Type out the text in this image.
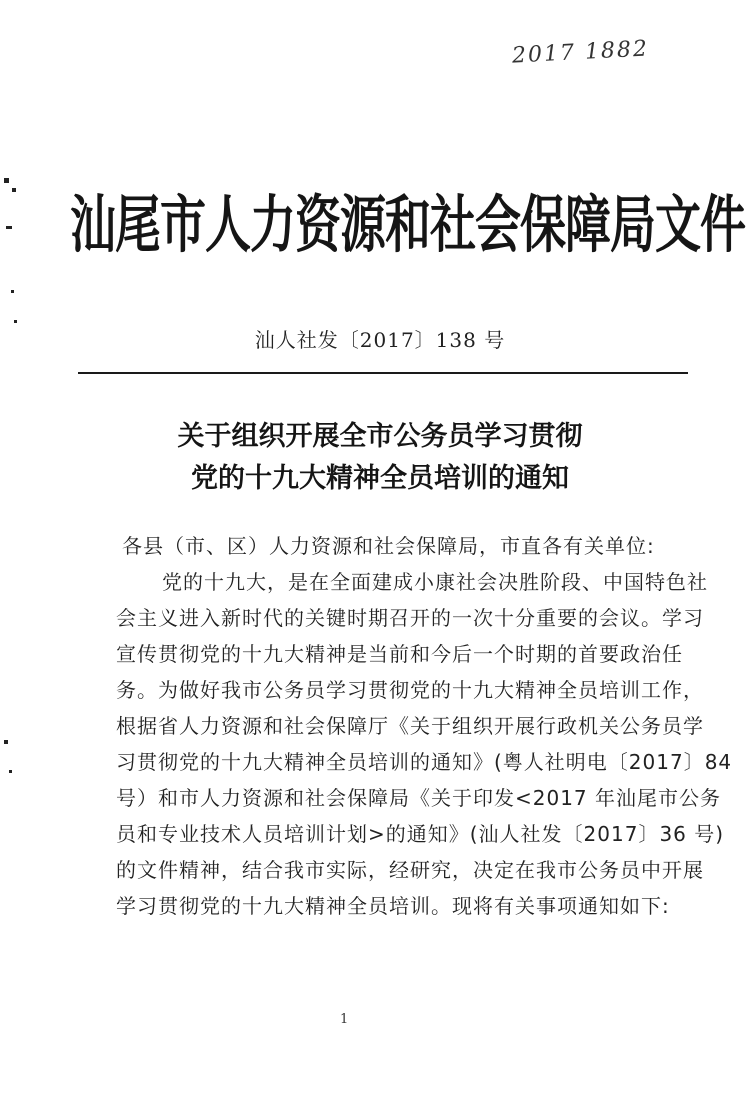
2017 1882
汕尾市人力资源和社会保障局文件
汕人社发〔2017〕138 号
关于组织开展全市公务员学习贯彻
党的十九大精神全员培训的通知
各县（市、区）人力资源和社会保障局，市直各有关单位:
党的十九大，是在全面建成小康社会决胜阶段、中国特色社
会主义进入新时代的关键时期召开的一次十分重要的会议。学习
宣传贯彻党的十九大精神是当前和今后一个时期的首要政治任
务。为做好我市公务员学习贯彻党的十九大精神全员培训工作，
根据省人力资源和社会保障厅《关于组织开展行政机关公务员学
习贯彻党的十九大精神全员培训的通知》(粤人社明电〔2017〕84
号）和市人力资源和社会保障局《关于印发<2017 年汕尾市公务
员和专业技术人员培训计划>的通知》(汕人社发〔2017〕36 号)
的文件精神，结合我市实际，经研究，决定在我市公务员中开展
学习贯彻党的十九大精神全员培训。现将有关事项通知如下:
1
